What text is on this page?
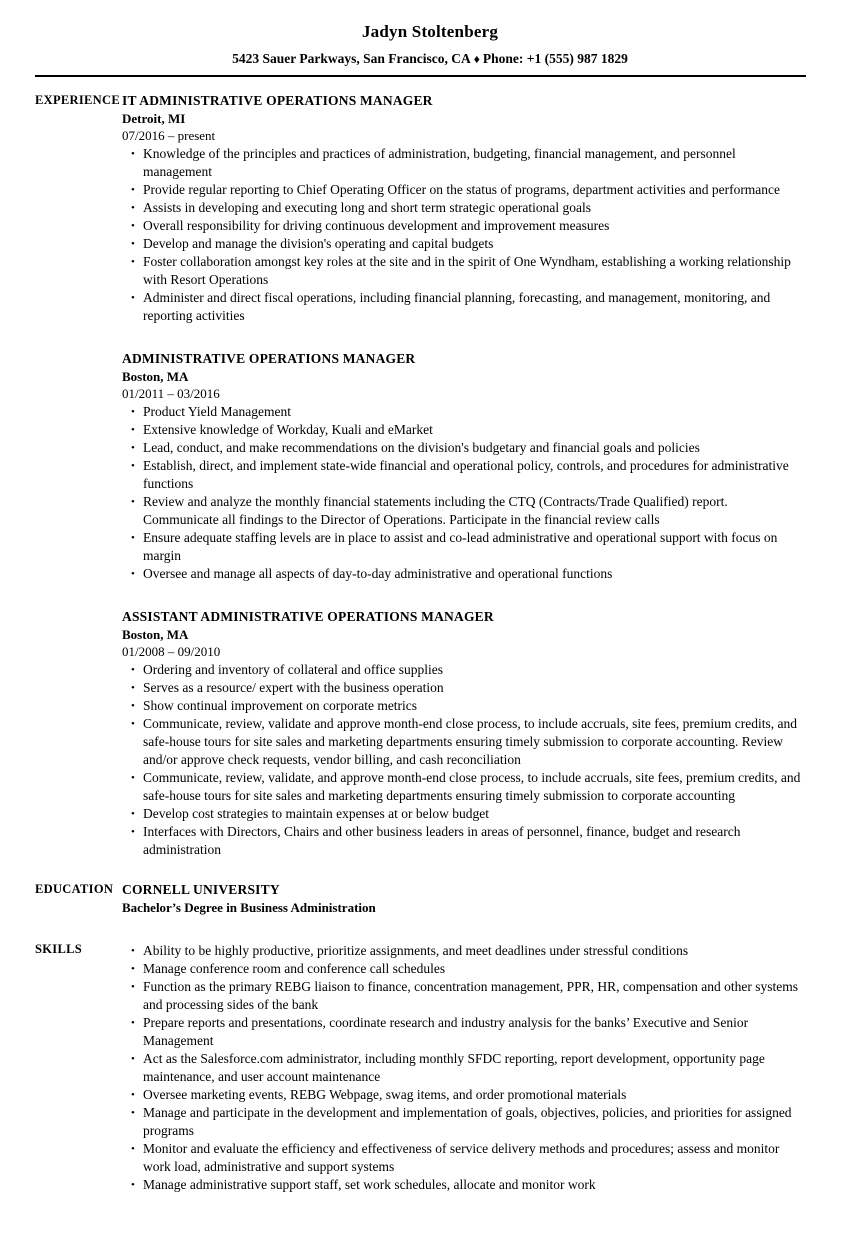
Jadyn Stoltenberg
5423 Sauer Parkways, San Francisco, CA ♦ Phone: +1 (555) 987 1829
EXPERIENCE IT ADMINISTRATIVE OPERATIONS MANAGER
Detroit, MI
07/2016 – present
• Knowledge of the principles and practices of administration, budgeting, financial management, and personnel management
• Provide regular reporting to Chief Operating Officer on the status of programs, department activities and performance
• Assists in developing and executing long and short term strategic operational goals
• Overall responsibility for driving continuous development and improvement measures
• Develop and manage the division's operating and capital budgets
• Foster collaboration amongst key roles at the site and in the spirit of One Wyndham, establishing a working relationship with Resort Operations
• Administer and direct fiscal operations, including financial planning, forecasting, and management, monitoring, and reporting activities
ADMINISTRATIVE OPERATIONS MANAGER
Boston, MA
01/2011 – 03/2016
• Product Yield Management
• Extensive knowledge of Workday, Kuali and eMarket
• Lead, conduct, and make recommendations on the division's budgetary and financial goals and policies
• Establish, direct, and implement state-wide financial and operational policy, controls, and procedures for administrative functions
• Review and analyze the monthly financial statements including the CTQ (Contracts/Trade Qualified) report. Communicate all findings to the Director of Operations. Participate in the financial review calls
• Ensure adequate staffing levels are in place to assist and co-lead administrative and operational support with focus on margin
• Oversee and manage all aspects of day-to-day administrative and operational functions
ASSISTANT ADMINISTRATIVE OPERATIONS MANAGER
Boston, MA
01/2008 – 09/2010
• Ordering and inventory of collateral and office supplies
• Serves as a resource/ expert with the business operation
• Show continual improvement on corporate metrics
• Communicate, review, validate and approve month-end close process, to include accruals, site fees, premium credits, and safe-house tours for site sales and marketing departments ensuring timely submission to corporate accounting. Review and/or approve check requests, vendor billing, and cash reconciliation
• Communicate, review, validate, and approve month-end close process, to include accruals, site fees, premium credits, and safe-house tours for site sales and marketing departments ensuring timely submission to corporate accounting
• Develop cost strategies to maintain expenses at or below budget
• Interfaces with Directors, Chairs and other business leaders in areas of personnel, finance, budget and research administration
EDUCATION CORNELL UNIVERSITY
Bachelor’s Degree in Business Administration
SKILLS	• Ability to be highly productive, prioritize assignments, and meet deadlines under stressful conditions
• Manage conference room and conference call schedules
• Function as the primary REBG liaison to finance, concentration management, PPR, HR, compensation and other systems and processing sides of the bank
• Prepare reports and presentations, coordinate research and industry analysis for the banks’ Executive and Senior Management
• Act as the Salesforce.com administrator, including monthly SFDC reporting, report development, opportunity page maintenance, and user account maintenance
• Oversee marketing events, REBG Webpage, swag items, and order promotional materials
• Manage and participate in the development and implementation of goals, objectives, policies, and priorities for assigned programs
• Monitor and evaluate the efficiency and effectiveness of service delivery methods and procedures; assess and monitor work load, administrative and support systems
• Manage administrative support staff, set work schedules, allocate and monitor work
